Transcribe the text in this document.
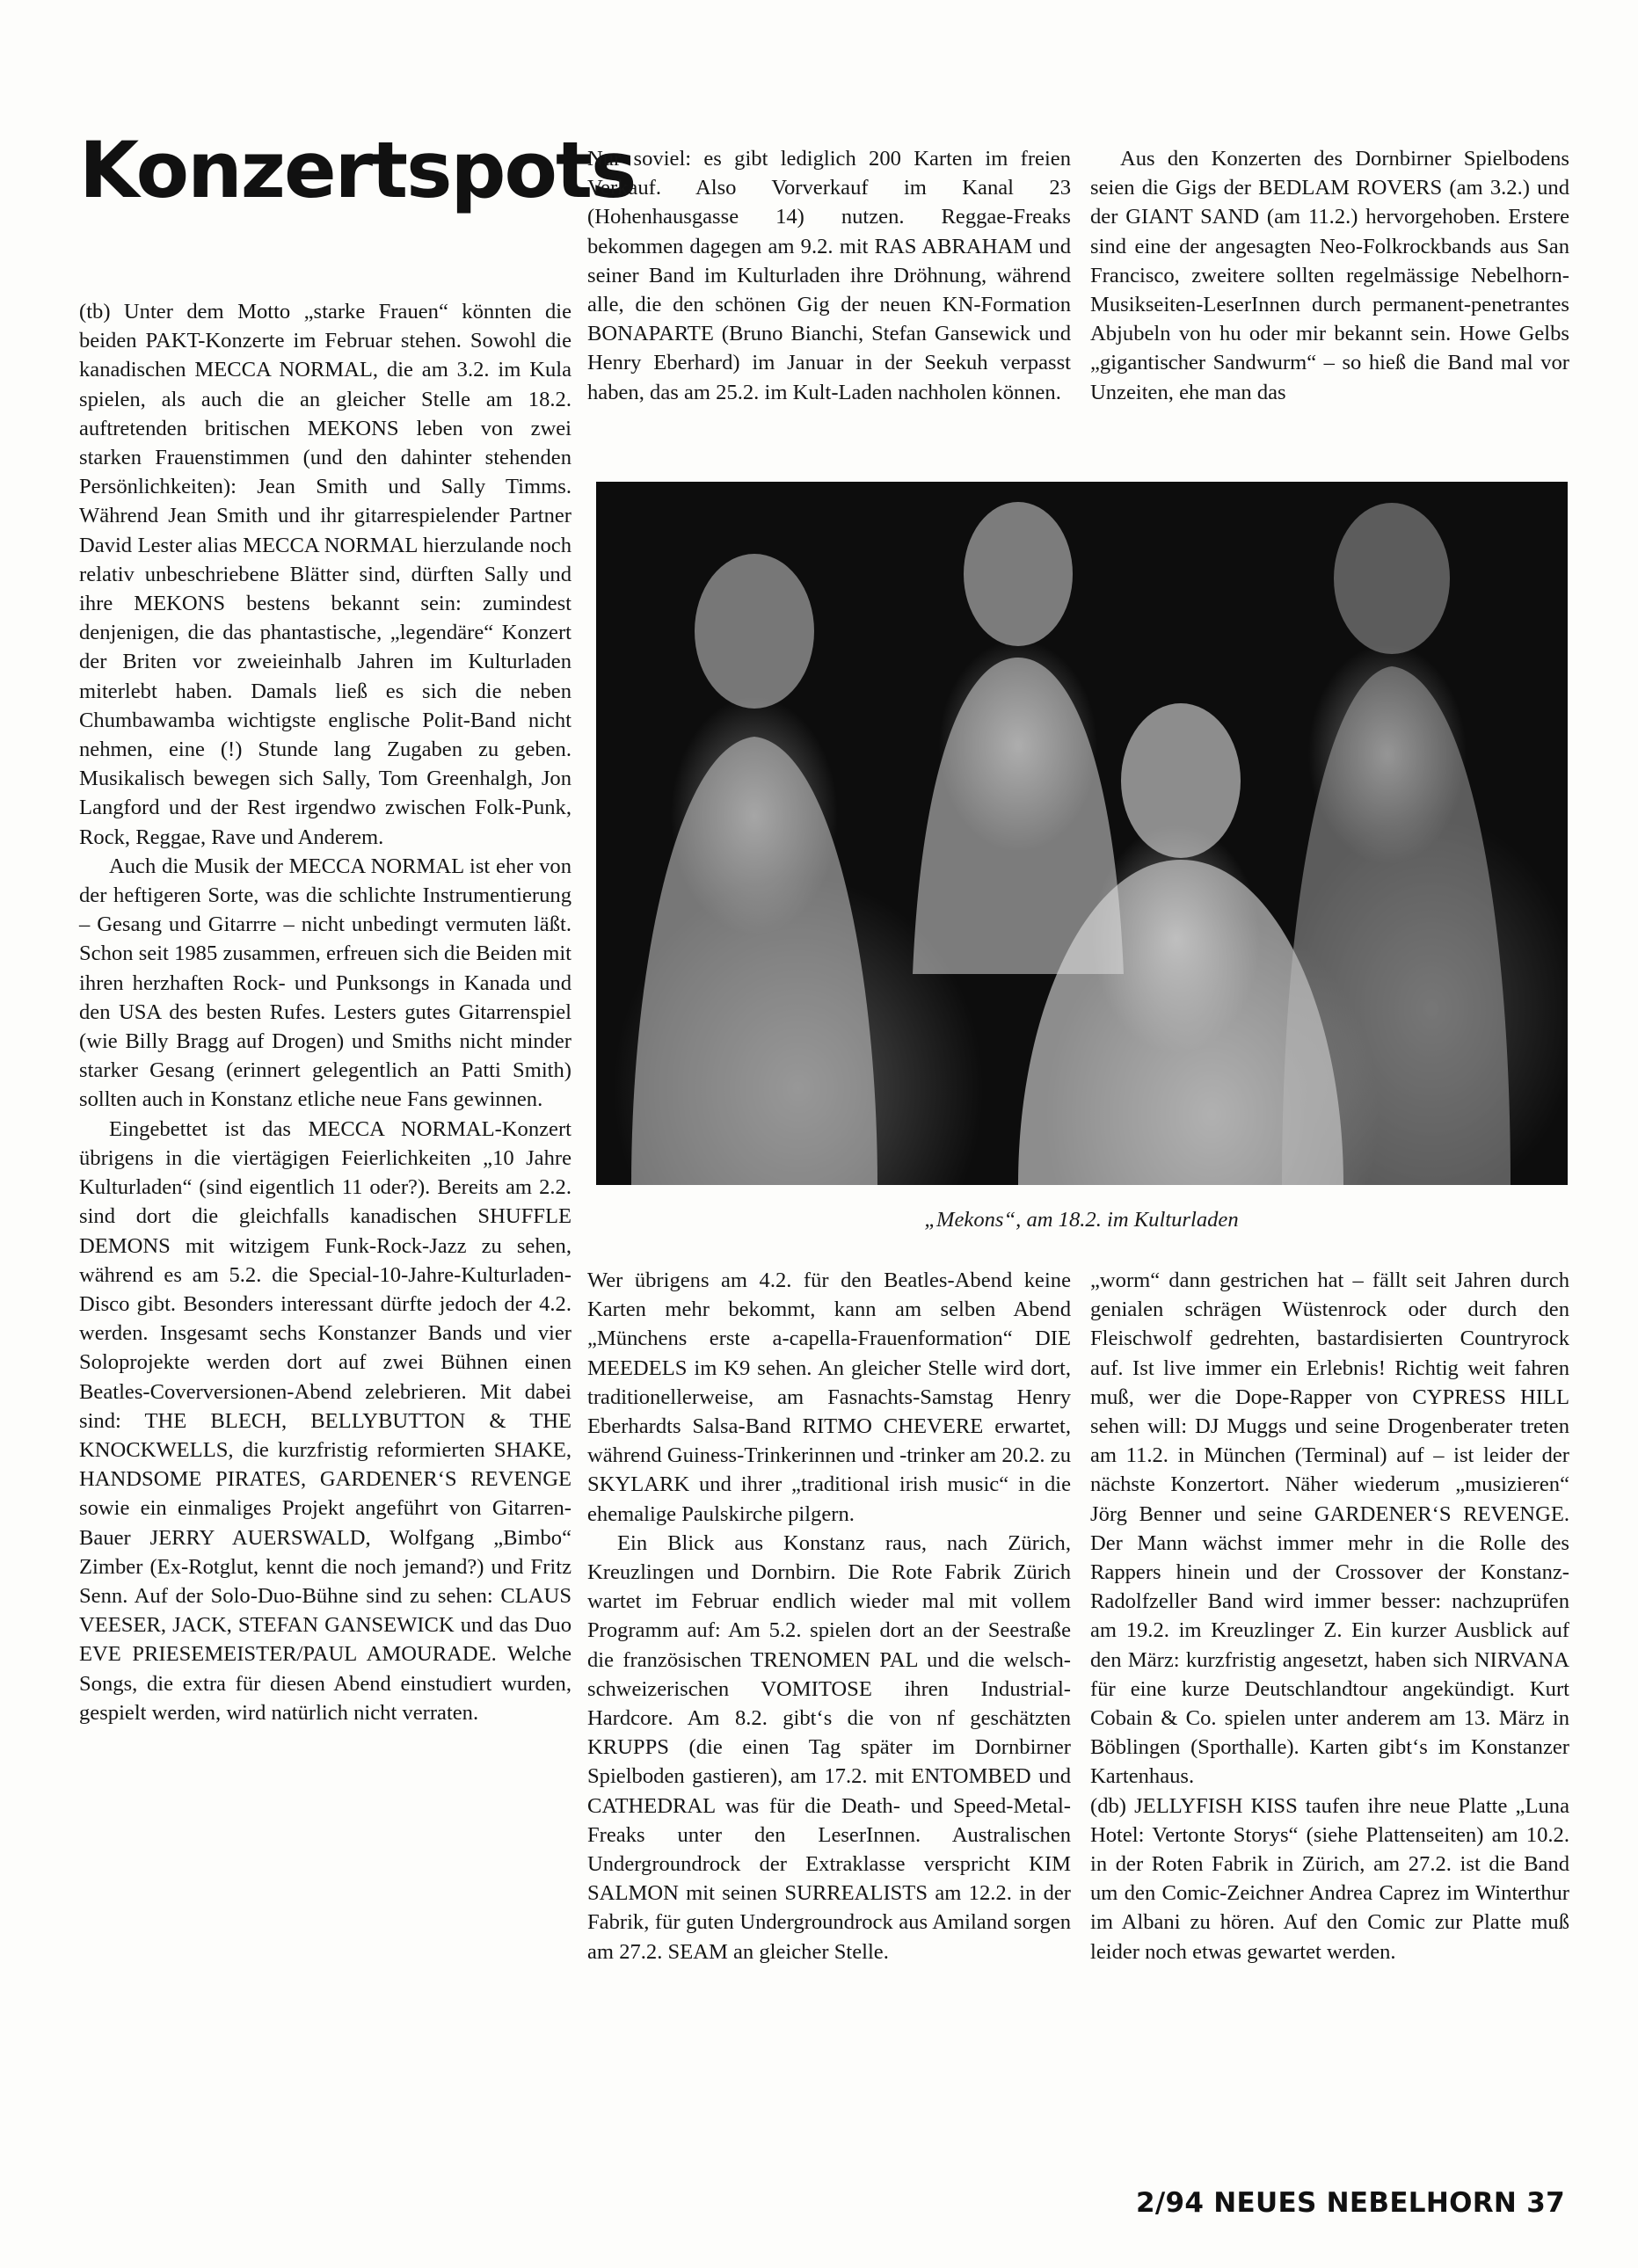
Konzertspots

(tb) Unter dem Motto „starke Frauen“ könnten die beiden PAKT-Konzerte im Februar stehen. Sowohl die kanadischen MECCA NORMAL, die am 3.2. im Kula spielen, als auch die an gleicher Stelle am 18.2. auftretenden britischen MEKONS leben von zwei starken Frauenstimmen (und den dahinter stehenden Persönlichkeiten): Jean Smith und Sally Timms. Während Jean Smith und ihr gitarrespielender Partner David Lester alias MECCA NORMAL hierzulande noch relativ unbeschriebene Blätter sind, dürften Sally und ihre MEKONS bestens bekannt sein: zumindest denjenigen, die das phantastische, „legendäre“ Konzert der Briten vor zweieinhalb Jahren im Kulturladen miterlebt haben. Damals ließ es sich die neben Chumbawamba wichtigste englische Polit-Band nicht nehmen, eine (!) Stunde lang Zugaben zu geben. Musikalisch bewegen sich Sally, Tom Greenhalgh, Jon Langford und der Rest irgendwo zwischen Folk-Punk, Rock, Reggae, Rave und Anderem.

Auch die Musik der MECCA NORMAL ist eher von der heftigeren Sorte, was die schlichte Instrumentierung – Gesang und Gitarrre – nicht unbedingt vermuten läßt. Schon seit 1985 zusammen, erfreuen sich die Beiden mit ihren herzhaften Rock- und Punksongs in Kanada und den USA des besten Rufes. Lesters gutes Gitarrenspiel (wie Billy Bragg auf Drogen) und Smiths nicht minder starker Gesang (erinnert gelegentlich an Patti Smith) sollten auch in Konstanz etliche neue Fans gewinnen.

Eingebettet ist das MECCA NORMAL-Konzert übrigens in die viertägigen Feierlichkeiten „10 Jahre Kulturladen“ (sind eigentlich 11 oder?). Bereits am 2.2. sind dort die gleichfalls kanadischen SHUFFLE DEMONS mit witzigem Funk-Rock-Jazz zu sehen, während es am 5.2. die Special-10-Jahre-Kulturladen-Disco gibt. Besonders interessant dürfte jedoch der 4.2. werden. Insgesamt sechs Konstanzer Bands und vier Soloprojekte werden dort auf zwei Bühnen einen Beatles-Coverversionen-Abend zelebrieren. Mit dabei sind: THE BLECH, BELLYBUTTON & THE KNOCKWELLS, die kurzfristig reformierten SHAKE, HANDSOME PIRATES, GARDENER‘S REVENGE sowie ein einmaliges Projekt angeführt von Gitarren-Bauer JERRY AUERSWALD, Wolfgang „Bimbo“ Zimber (Ex-Rotglut, kennt die noch jemand?) und Fritz Senn. Auf der Solo-Duo-Bühne sind zu sehen: CLAUS VEESER, JACK, STEFAN GANSEWICK und das Duo EVE PRIESEMEISTER/PAUL AMOURADE. Welche Songs, die extra für diesen Abend einstudiert wurden, gespielt werden, wird natürlich nicht verraten.

Nur soviel: es gibt lediglich 200 Karten im freien Verkauf. Also Vorverkauf im Kanal 23 (Hohenhausgasse 14) nutzen. Reggae-Freaks bekommen dagegen am 9.2. mit RAS ABRAHAM und seiner Band im Kulturladen ihre Dröhnung, während alle, die den schönen Gig der neuen KN-Formation BONAPARTE (Bruno Bianchi, Stefan Gansewick und Henry Eberhard) im Januar in der Seekuh verpasst haben, das am 25.2. im Kult-Laden nachholen können.

Aus den Konzerten des Dornbirner Spielbodens seien die Gigs der BEDLAM ROVERS (am 3.2.) und der GIANT SAND (am 11.2.) hervorgehoben. Erstere sind eine der angesagten Neo-Folkrockbands aus San Francisco, zweitere sollten regelmässige Nebelhorn-Musikseiten-LeserInnen durch permanent-penetrantes Abjubeln von hu oder mir bekannt sein. Howe Gelbs „gigantischer Sandwurm“ – so hieß die Band mal vor Unzeiten, ehe man das

„Mekons“, am 18.2. im Kulturladen

Wer übrigens am 4.2. für den Beatles-Abend keine Karten mehr bekommt, kann am selben Abend „Münchens erste a-capella-Frauenformation“ DIE MEEDELS im K9 sehen. An gleicher Stelle wird dort, traditionellerweise, am Fasnachts-Samstag Henry Eberhardts Salsa-Band RITMO CHEVERE erwartet, während Guiness-Trinkerinnen und -trinker am 20.2. zu SKYLARK und ihrer „traditional irish music“ in die ehemalige Paulskirche pilgern.

Ein Blick aus Konstanz raus, nach Zürich, Kreuzlingen und Dornbirn. Die Rote Fabrik Zürich wartet im Februar endlich wieder mal mit vollem Programm auf: Am 5.2. spielen dort an der Seestraße die französischen TRENOMEN PAL und die welsch-schweizerischen VOMITOSE ihren Industrial-Hardcore. Am 8.2. gibt‘s die von nf geschätzten KRUPPS (die einen Tag später im Dornbirner Spielboden gastieren), am 17.2. mit ENTOMBED und CATHEDRAL was für die Death- und Speed-Metal-Freaks unter den LeserInnen. Australischen Undergroundrock der Extraklasse verspricht KIM SALMON mit seinen SURREALISTS am 12.2. in der Fabrik, für guten Undergroundrock aus Amiland sorgen am 27.2. SEAM an gleicher Stelle.

„worm“ dann gestrichen hat – fällt seit Jahren durch genialen schrägen Wüstenrock oder durch den Fleischwolf gedrehten, bastardisierten Countryrock auf. Ist live immer ein Erlebnis! Richtig weit fahren muß, wer die Dope-Rapper von CYPRESS HILL sehen will: DJ Muggs und seine Drogenberater treten am 11.2. in München (Terminal) auf – ist leider der nächste Konzertort. Näher wiederum „musizieren“ Jörg Benner und seine GARDENER‘S REVENGE. Der Mann wächst immer mehr in die Rolle des Rappers hinein und der Crossover der Konstanz-Radolfzeller Band wird immer besser: nachzuprüfen am 19.2. im Kreuzlinger Z. Ein kurzer Ausblick auf den März: kurzfristig angesetzt, haben sich NIRVANA für eine kurze Deutschlandtour angekündigt. Kurt Cobain & Co. spielen unter anderem am 13. März in Böblingen (Sporthalle). Karten gibt‘s im Konstanzer Kartenhaus.

(db) JELLYFISH KISS taufen ihre neue Platte „Luna Hotel: Vertonte Storys“ (siehe Plattenseiten) am 10.2. in der Roten Fabrik in Zürich, am 27.2. ist die Band um den Comic-Zeichner Andrea Caprez im Winterthur im Albani zu hören. Auf den Comic zur Platte muß leider noch etwas gewartet werden.

2/94 NEUES NEBELHORN 37
